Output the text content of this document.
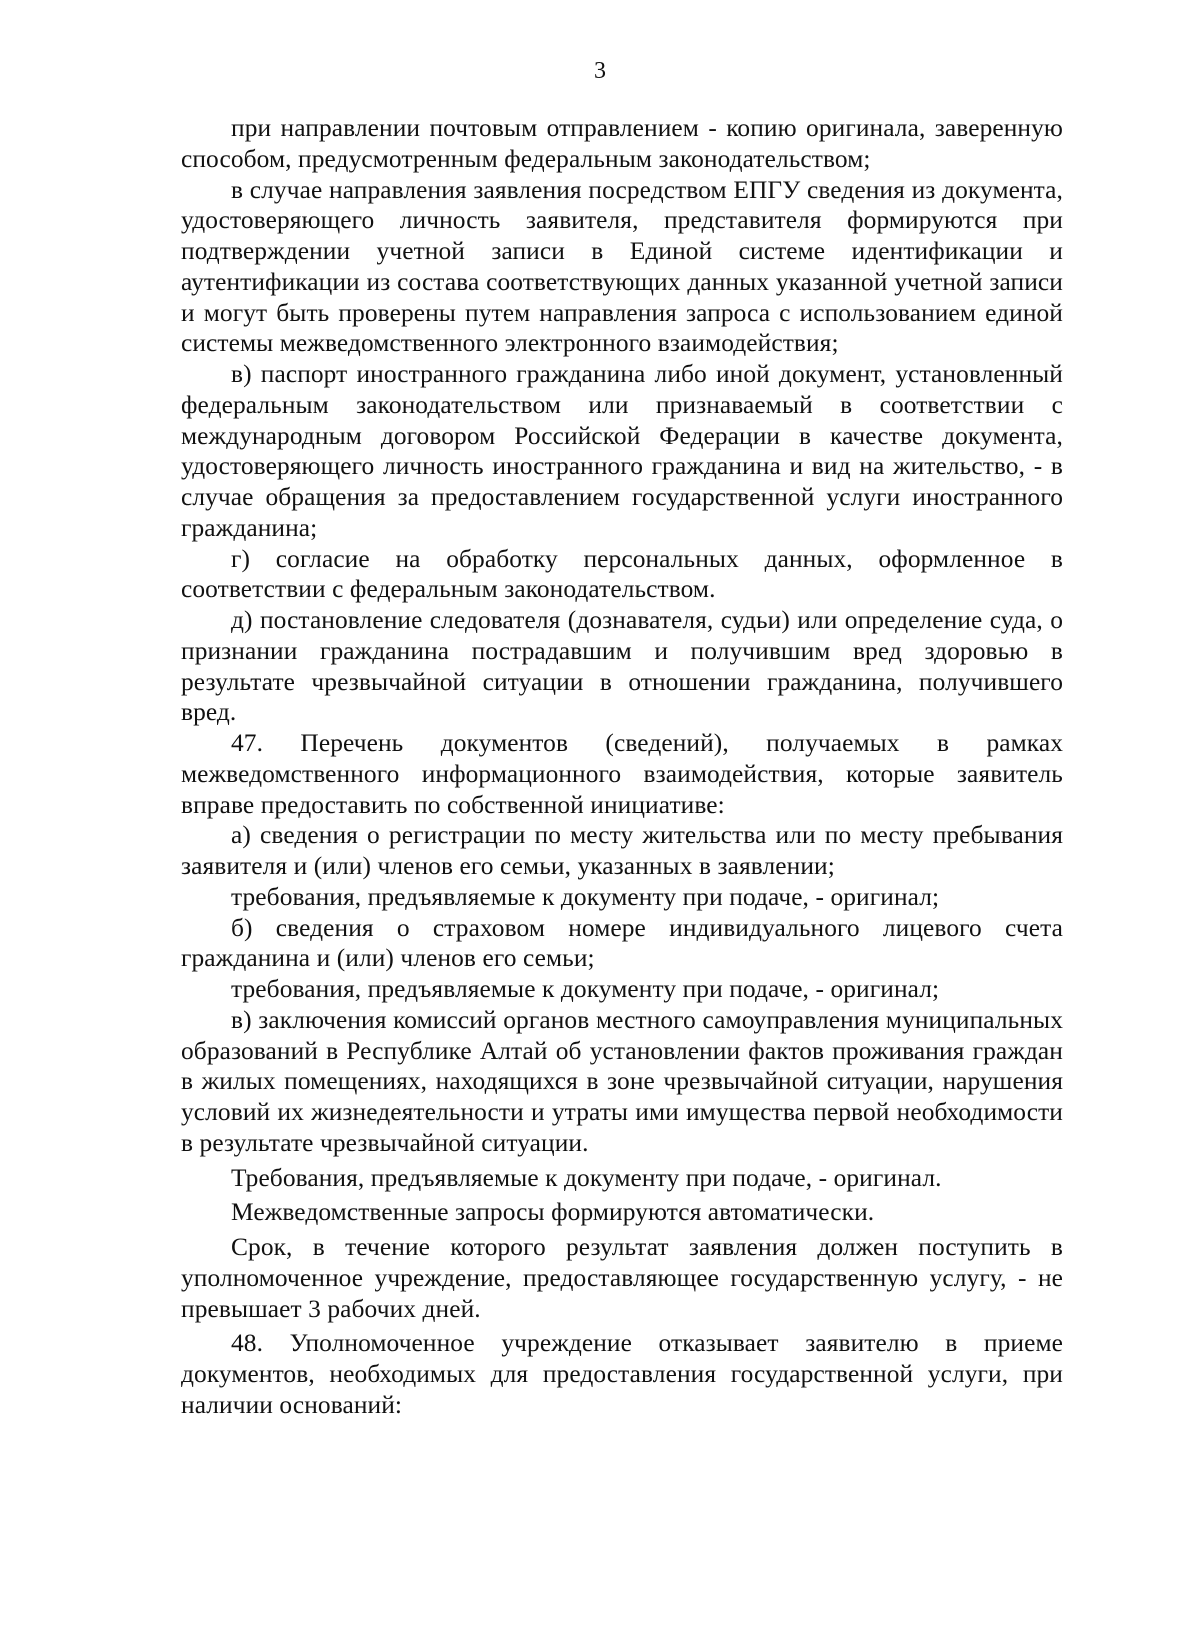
3

при направлении почтовым отправлением - копию оригинала, заверенную способом, предусмотренным федеральным законодательством;

в случае направления заявления посредством ЕПГУ сведения из документа, удостоверяющего личность заявителя, представителя формируются при подтверждении учетной записи в Единой системе идентификации и аутентификации из состава соответствующих данных указанной учетной записи и могут быть проверены путем направления запроса с использованием единой системы межведомственного электронного взаимодействия;

в) паспорт иностранного гражданина либо иной документ, установленный федеральным законодательством или признаваемый в соответствии с международным договором Российской Федерации в качестве документа, удостоверяющего личность иностранного гражданина и вид на жительство, - в случае обращения за предоставлением государственной услуги иностранного гражданина;

г) согласие на обработку персональных данных, оформленное в соответствии с федеральным законодательством.

д) постановление следователя (дознавателя, судьи) или определение суда, о признании гражданина пострадавшим и получившим вред здоровью в результате чрезвычайной ситуации в отношении гражданина, получившего вред.

47. Перечень документов (сведений), получаемых в рамках межведомственного информационного взаимодействия, которые заявитель вправе предоставить по собственной инициативе:

а) сведения о регистрации по месту жительства или по месту пребывания заявителя и (или) членов его семьи, указанных в заявлении;

требования, предъявляемые к документу при подаче, - оригинал;

б) сведения о страховом номере индивидуального лицевого счета гражданина и (или) членов его семьи;

требования, предъявляемые к документу при подаче, - оригинал;

в) заключения комиссий органов местного самоуправления муниципальных образований в Республике Алтай об установлении фактов проживания граждан в жилых помещениях, находящихся в зоне чрезвычайной ситуации, нарушения условий их жизнедеятельности и утраты ими имущества первой необходимости в результате чрезвычайной ситуации.

Требования, предъявляемые к документу при подаче, - оригинал.

Межведомственные запросы формируются автоматически.

Срок, в течение которого результат заявления должен поступить в уполномоченное учреждение, предоставляющее государственную услугу, - не превышает 3 рабочих дней.

48. Уполномоченное учреждение отказывает заявителю в приеме документов, необходимых для предоставления государственной услуги, при наличии оснований:
